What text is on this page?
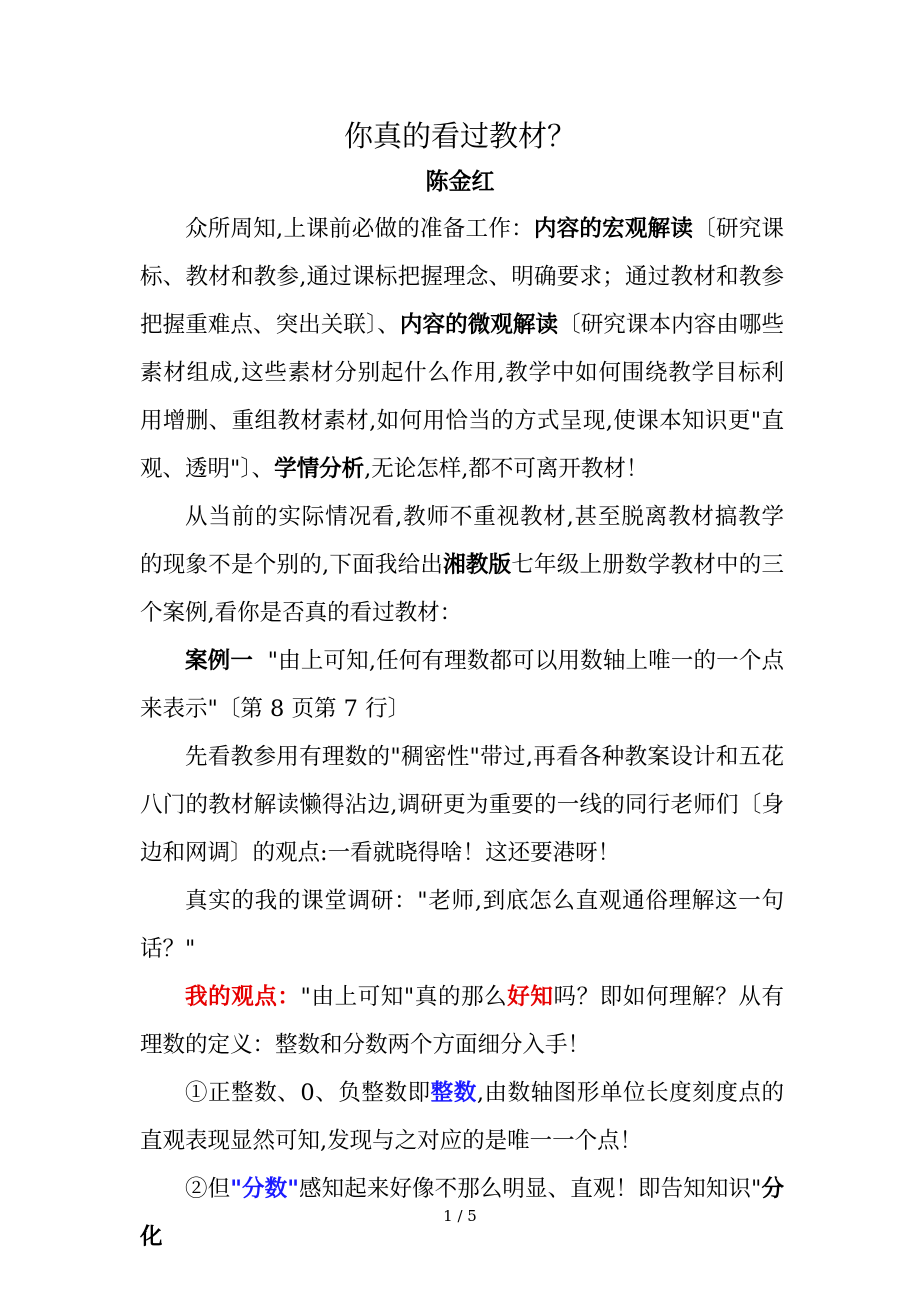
你真的看过教材？
陈金红

众所周知,上课前必做的准备工作：内容的宏观解读〔研究课标、教材和教参,通过课标把握理念、明确要求；通过教材和教参把握重难点、突出关联〕、内容的微观解读〔研究课本内容由哪些素材组成,这些素材分别起什么作用,教学中如何围绕教学目标利用增删、重组教材素材,如何用恰当的方式呈现,使课本知识更"直观、透明"〕、学情分析,无论怎样,都不可离开教材！

从当前的实际情况看,教师不重视教材,甚至脱离教材搞教学的现象不是个别的,下面我给出湘教版七年级上册数学教材中的三个案例,看你是否真的看过教材：

案例一  "由上可知,任何有理数都可以用数轴上唯一的一个点来表示"〔第 8 页第 7 行〕

先看教参用有理数的"稠密性"带过,再看各种教案设计和五花八门的教材解读懒得沾边,调研更为重要的一线的同行老师们〔身边和网调〕的观点:一看就晓得啥！这还要港呀！

真实的我的课堂调研："老师,到底怎么直观通俗理解这一句话？"

我的观点："由上可知"真的那么好知吗？即如何理解？从有理数的定义：整数和分数两个方面细分入手！

①正整数、0、负整数即整数,由数轴图形单位长度刻度点的直观表现显然可知,发现与之对应的是唯一一个点！

②但"分数"感知起来好像不那么明显、直观！即告知知识"分化

1 / 5
